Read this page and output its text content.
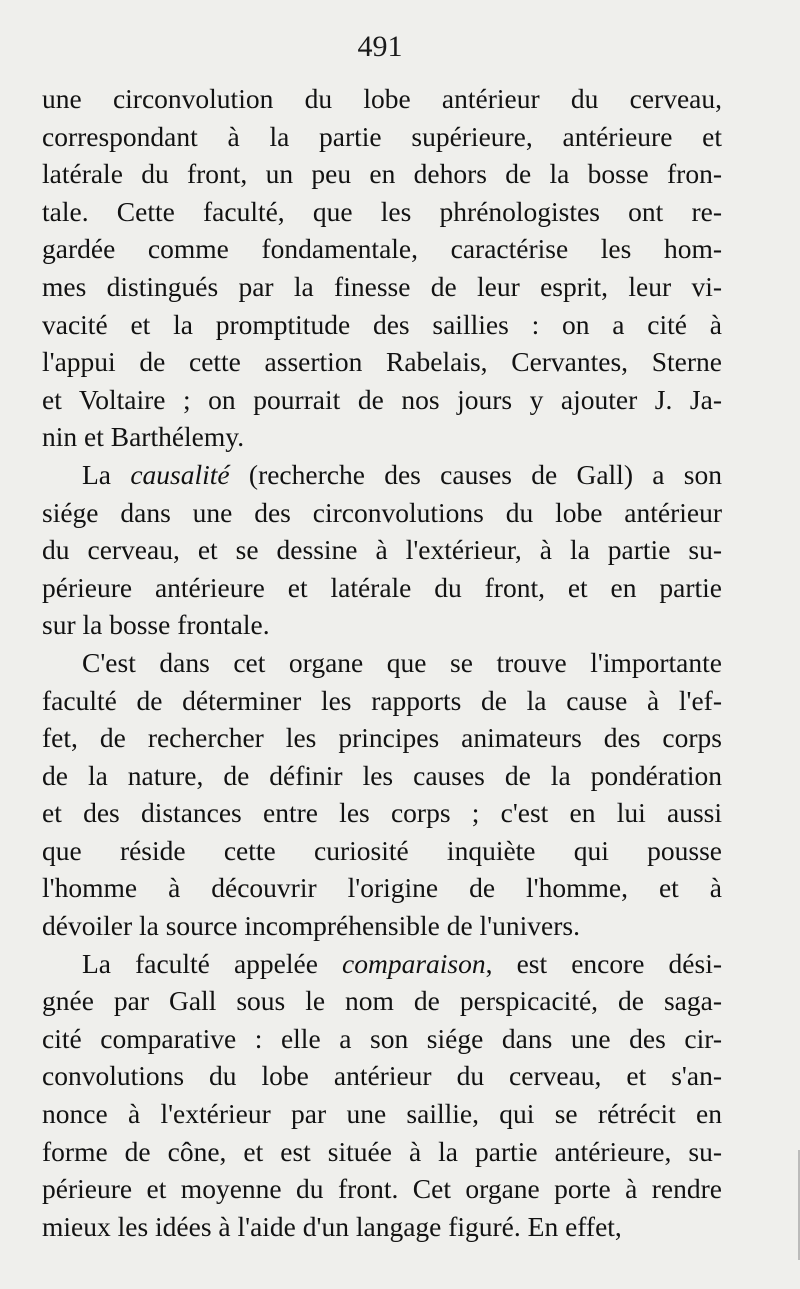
491
une circonvolution du lobe antérieur du cerveau,
correspondant à la partie supérieure, antérieure et
latérale du front, un peu en dehors de la bosse fron-
tale. Cette faculté, que les phrénologistes ont re-
gardée comme fondamentale, caractérise les hom-
mes distingués par la finesse de leur esprit, leur vi-
vacité et la promptitude des saillies : on a cité à
l'appui de cette assertion Rabelais, Cervantes, Sterne
et Voltaire ; on pourrait de nos jours y ajouter J. Ja-
nin et Barthélemy.
La causalité (recherche des causes de Gall) a son
siége dans une des circonvolutions du lobe antérieur
du cerveau, et se dessine à l'extérieur, à la partie su-
périeure antérieure et latérale du front, et en partie
sur la bosse frontale.
C'est dans cet organe que se trouve l'importante
faculté de déterminer les rapports de la cause à l'ef-
fet, de rechercher les principes animateurs des corps
de la nature, de définir les causes de la pondération
et des distances entre les corps ; c'est en lui aussi
que réside cette curiosité inquiète qui pousse
l'homme à découvrir l'origine de l'homme, et à
dévoiler la source incompréhensible de l'univers.
La faculté appelée comparaison, est encore dési-
gnée par Gall sous le nom de perspicacité, de saga-
cité comparative : elle a son siége dans une des cir-
convolutions du lobe antérieur du cerveau, et s'an-
nonce à l'extérieur par une saillie, qui se rétrécit en
forme de cône, et est située à la partie antérieure, su-
périeure et moyenne du front. Cet organe porte à rendre
mieux les idées à l'aide d'un langage figuré. En effet,
